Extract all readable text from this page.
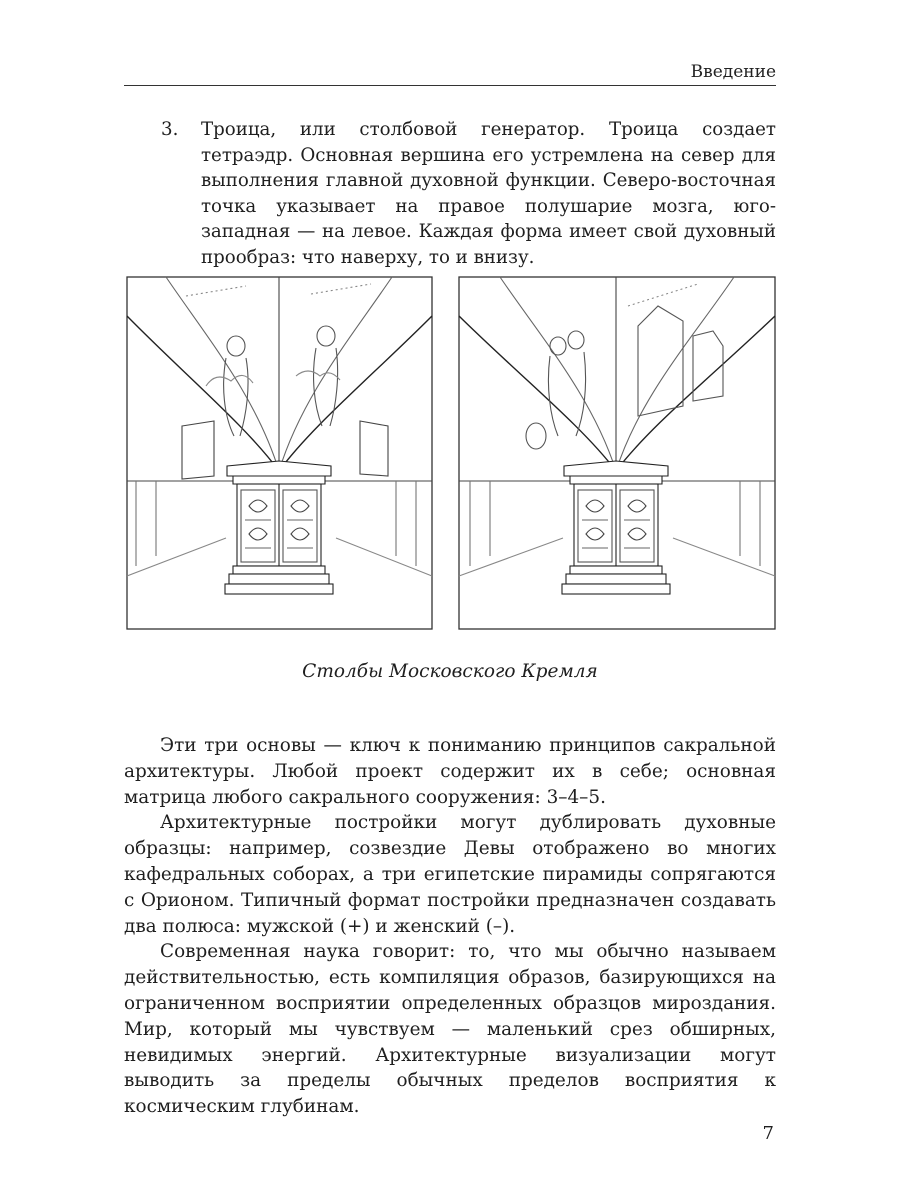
Введение
3. Троица, или столбовой генератор. Троица создает тетраэдр. Основная вершина его устремлена на север для выполнения главной духовной функции. Северо-восточная точка указывает на правое полушарие мозга, юго-западная — на левое. Каждая форма имеет свой духовный прообраз: что наверху, то и внизу.
Столбы Московского Кремля

Эти три основы — ключ к пониманию принципов сакральной архитектуры. Любой проект содержит их в себе; основная матрица любого сакрального сооружения: 3–4–5.

Архитектурные постройки могут дублировать духовные образцы: например, созвездие Девы отображено во многих кафедральных соборах, а три египетские пирамиды сопрягаются с Орионом. Типичный формат постройки предназначен создавать два полюса: мужской (+) и женский (–).

Современная наука говорит: то, что мы обычно называем действительностью, есть компиляция образов, базирующихся на ограниченном восприятии определенных образцов мироздания. Мир, который мы чувствуем — маленький срез обширных, невидимых энергий. Архитектурные визуализации могут выводить за пределы обычных пределов восприятия к космическим глубинам.

7
